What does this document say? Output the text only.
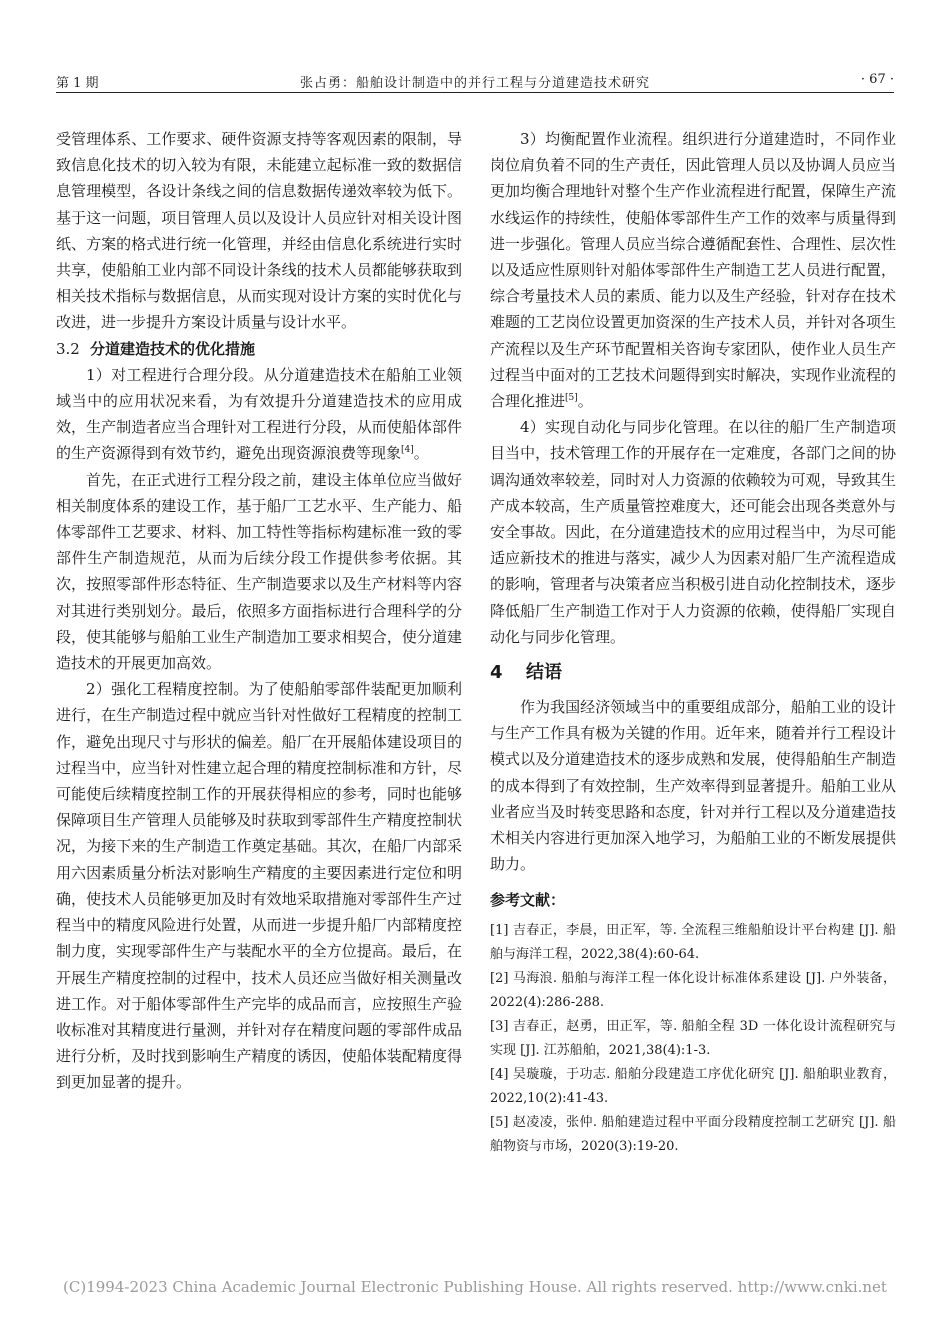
第 1 期	张占勇：船舶设计制造中的并行工程与分道建造技术研究	· 67 ·

受管理体系、工作要求、硬件资源支持等客观因素的限制，导致信息化技术的切入较为有限，未能建立起标准一致的数据信息管理模型，各设计条线之间的信息数据传递效率较为低下。基于这一问题，项目管理人员以及设计人员应针对相关设计图纸、方案的格式进行统一化管理，并经由信息化系统进行实时共享，使船舶工业内部不同设计条线的技术人员都能够获取到相关技术指标与数据信息，从而实现对设计方案的实时优化与改进，进一步提升方案设计质量与设计水平。

3.2 分道建造技术的优化措施

1）对工程进行合理分段。从分道建造技术在船舶工业领域当中的应用状况来看，为有效提升分道建造技术的应用成效，生产制造者应当合理针对工程进行分段，从而使船体部件的生产资源得到有效节约，避免出现资源浪费等现象[4]。

首先，在正式进行工程分段之前，建设主体单位应当做好相关制度体系的建设工作，基于船厂工艺水平、生产能力、船体零部件工艺要求、材料、加工特性等指标构建标准一致的零部件生产制造规范，从而为后续分段工作提供参考依据。其次，按照零部件形态特征、生产制造要求以及生产材料等内容对其进行类别划分。最后，依照多方面指标进行合理科学的分段，使其能够与船舶工业生产制造加工要求相契合，使分道建造技术的开展更加高效。

2）强化工程精度控制。为了使船舶零部件装配更加顺利进行，在生产制造过程中就应当针对性做好工程精度的控制工作，避免出现尺寸与形状的偏差。船厂在开展船体建设项目的过程当中，应当针对性建立起合理的精度控制标准和方针，尽可能使后续精度控制工作的开展获得相应的参考，同时也能够保障项目生产管理人员能够及时获取到零部件生产精度控制状况，为接下来的生产制造工作奠定基础。其次，在船厂内部采用六因素质量分析法对影响生产精度的主要因素进行定位和明确，使技术人员能够更加及时有效地采取措施对零部件生产过程当中的精度风险进行处置，从而进一步提升船厂内部精度控制力度，实现零部件生产与装配水平的全方位提高。最后，在开展生产精度控制的过程中，技术人员还应当做好相关测量改进工作。对于船体零部件生产完毕的成品而言，应按照生产验收标准对其精度进行量测，并针对存在精度问题的零部件成品进行分析，及时找到影响生产精度的诱因，使船体装配精度得到更加显著的提升。

3）均衡配置作业流程。组织进行分道建造时，不同作业岗位肩负着不同的生产责任，因此管理人员以及协调人员应当更加均衡合理地针对整个生产作业流程进行配置，保障生产流水线运作的持续性，使船体零部件生产工作的效率与质量得到进一步强化。管理人员应当综合遵循配套性、合理性、层次性以及适应性原则针对船体零部件生产制造工艺人员进行配置，综合考量技术人员的素质、能力以及生产经验，针对存在技术难题的工艺岗位设置更加资深的生产技术人员，并针对各项生产流程以及生产环节配置相关咨询专家团队，使作业人员生产过程当中面对的工艺技术问题得到实时解决，实现作业流程的合理化推进[5]。

4）实现自动化与同步化管理。在以往的船厂生产制造项目当中，技术管理工作的开展存在一定难度，各部门之间的协调沟通效率较差，同时对人力资源的依赖较为可观，导致其生产成本较高，生产质量管控难度大，还可能会出现各类意外与安全事故。因此，在分道建造技术的应用过程当中，为尽可能适应新技术的推进与落实，减少人为因素对船厂生产流程造成的影响，管理者与决策者应当积极引进自动化控制技术，逐步降低船厂生产制造工作对于人力资源的依赖，使得船厂实现自动化与同步化管理。

4 结语

作为我国经济领域当中的重要组成部分，船舶工业的设计与生产工作具有极为关键的作用。近年来，随着并行工程设计模式以及分道建造技术的逐步成熟和发展，使得船舶生产制造的成本得到了有效控制，生产效率得到显著提升。船舶工业从业者应当及时转变思路和态度，针对并行工程以及分道建造技术相关内容进行更加深入地学习，为船舶工业的不断发展提供助力。

参考文献：
[1] 吉春正，李晨，田正军，等. 全流程三维船舶设计平台构建 [J]. 船舶与海洋工程，2022,38(4):60-64.
[2] 马海浪. 船舶与海洋工程一体化设计标准体系建设 [J]. 户外装备，2022(4):286-288.
[3] 吉春正，赵勇，田正军，等. 船舶全程 3D 一体化设计流程研究与实现 [J]. 江苏船舶，2021,38(4):1-3.
[4] 吴璇璇，于功志. 船舶分段建造工序优化研究 [J]. 船舶职业教育，2022,10(2):41-43.
[5] 赵凌凌，张仲. 船舶建造过程中平面分段精度控制工艺研究 [J]. 船舶物资与市场，2020(3):19-20.
(C)1994-2023 China Academic Journal Electronic Publishing House. All rights reserved. http://www.cnki.net
